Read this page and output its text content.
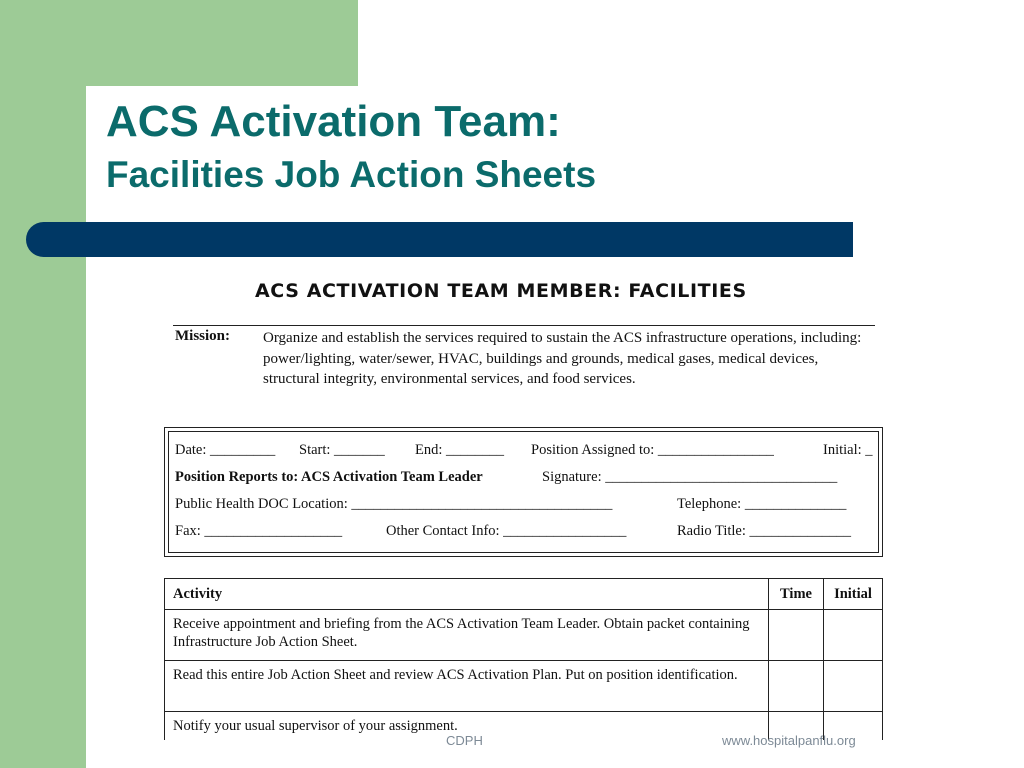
ACS Activation Team:
Facilities Job Action Sheets
ACS ACTIVATION TEAM MEMBER: FACILITIES
Mission: Organize and establish the services required to sustain the ACS infrastructure operations, including: power/lighting, water/sewer, HVAC, buildings and grounds, medical gases, medical devices, structural integrity, environmental services, and food services.
Date: _________ Start: _______ End: ________ Position Assigned to: ________________	Initial: _
Position Reports to: ACS Activation Team Leader	Signature: ________________________________
Public Health DOC Location: ____________________________________	Telephone: ______________
Fax: ___________________	Other Contact Info: _________________	Radio Title: ______________
Activity	Time	Initial
Receive appointment and briefing from the ACS Activation Team Leader. Obtain packet containing Infrastructure Job Action Sheet.		
Read this entire Job Action Sheet and review ACS Activation Plan. Put on position identification.		
Notify your usual supervisor of your assignment.		
CDPH	www.hospitalpanflu.org
